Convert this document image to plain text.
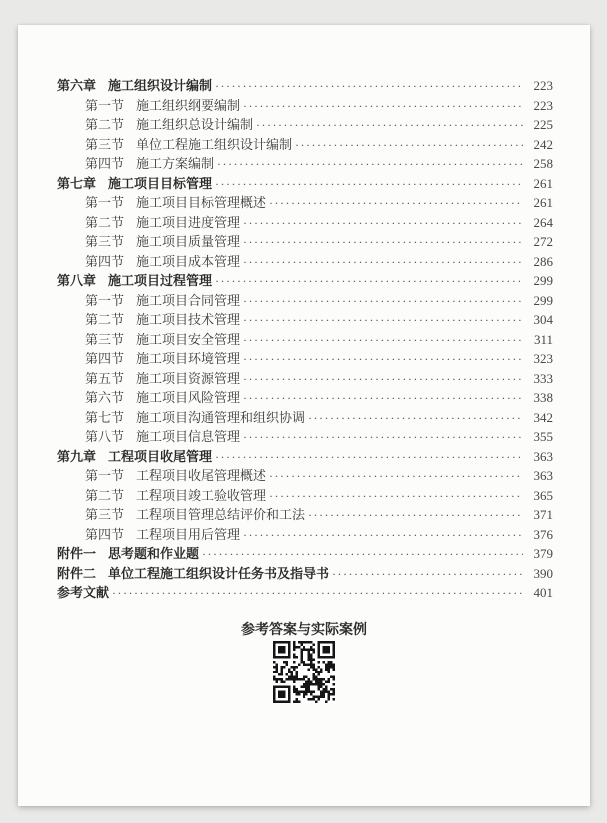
第六章 施工组织设计编制 ·····	223
第一节 施工组织纲要编制 ·····	223
第二节 施工组织总设计编制 ·····	225
第三节 单位工程施工组织设计编制 ·····	242
第四节 施工方案编制 ·····	258
第七章 施工项目目标管理 ·····	261
第一节 施工项目目标管理概述 ·····	261
第二节 施工项目进度管理 ·····	264
第三节 施工项目质量管理 ·····	272
第四节 施工项目成本管理 ·····	286
第八章 施工项目过程管理 ·····	299
第一节 施工项目合同管理 ·····	299
第二节 施工项目技术管理 ·····	304
第三节 施工项目安全管理 ·····	311
第四节 施工项目环境管理 ·····	323
第五节 施工项目资源管理 ·····	333
第六节 施工项目风险管理 ·····	338
第七节 施工项目沟通管理和组织协调 ·····	342
第八节 施工项目信息管理 ·····	355
第九章 工程项目收尾管理 ·····	363
第一节 工程项目收尾管理概述 ·····	363
第二节 工程项目竣工验收管理 ·····	365
第三节 工程项目管理总结评价和工法 ·····	371
第四节 工程项目用后管理 ·····	376
附件一 思考题和作业题 ·····	379
附件二 单位工程施工组织设计任务书及指导书 ·····	390
参考文献 ·····	401
参考答案与实际案例
